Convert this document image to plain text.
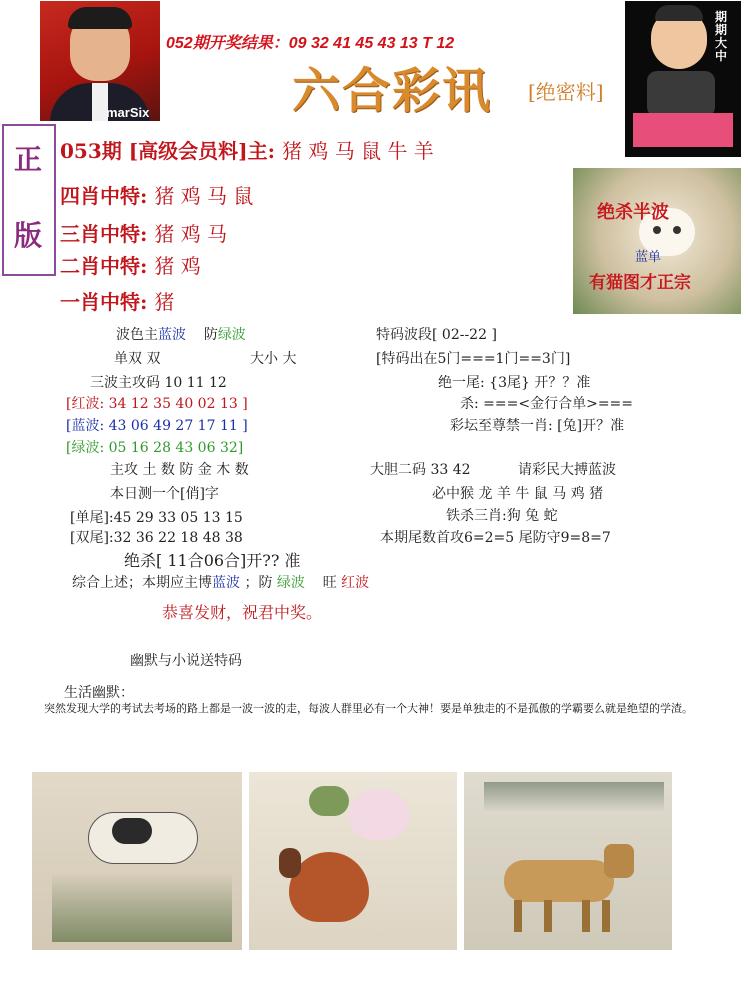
marSix
052期开奖结果：09 32 41 45 43 13 T 12
六合彩讯 [绝密料]
期期大中
正
版
053期 [高级会员料]主: 猪 鸡 马 鼠 牛 羊
四肖中特: 猪 鸡 马 鼠
三肖中特: 猪 鸡 马
二肖中特: 猪 鸡
一肖中特: 猪
绝杀半波
蓝单
有猫图才正宗
波色主蓝波 防绿波
单双 双	大小 大
三波主攻码 10 11 12
[红波: 34 12 35 40 02 13 ]
[蓝波: 43 06 49 27 17 11 ]
[绿波: 05 16 28 43 06 32]
主攻 土 数 防 金 木 数
本日测一个[俏]字
[单尾]:45 29 33 05 13 15
[双尾]:32 36 22 18 48 38
绝杀[ 11合06合]开?? 准
综合上述；本期应主博蓝波 ；防 绿波 旺 红波
恭喜发财，祝君中奖。
特码波段[ 02--22 ]
[特码出在5门===1门==3门]
绝一尾: {3尾} 开？？准
杀: ===<金行合单>===
彩坛至尊禁一肖: [兔]开？准
大胆二码 33 42	请彩民大搏蓝波
必中猴 龙 羊 牛 鼠 马 鸡 猪
铁杀三肖:狗 兔 蛇
本期尾数首攻6=2=5 尾防守9=8=7
幽默与小说送特码
生活幽默：
突然发现大学的考试去考场的路上都是一波一波的走，每波人群里必有一个大神！要是单独走的不是孤傲的学霸要么就是绝望的学渣。
